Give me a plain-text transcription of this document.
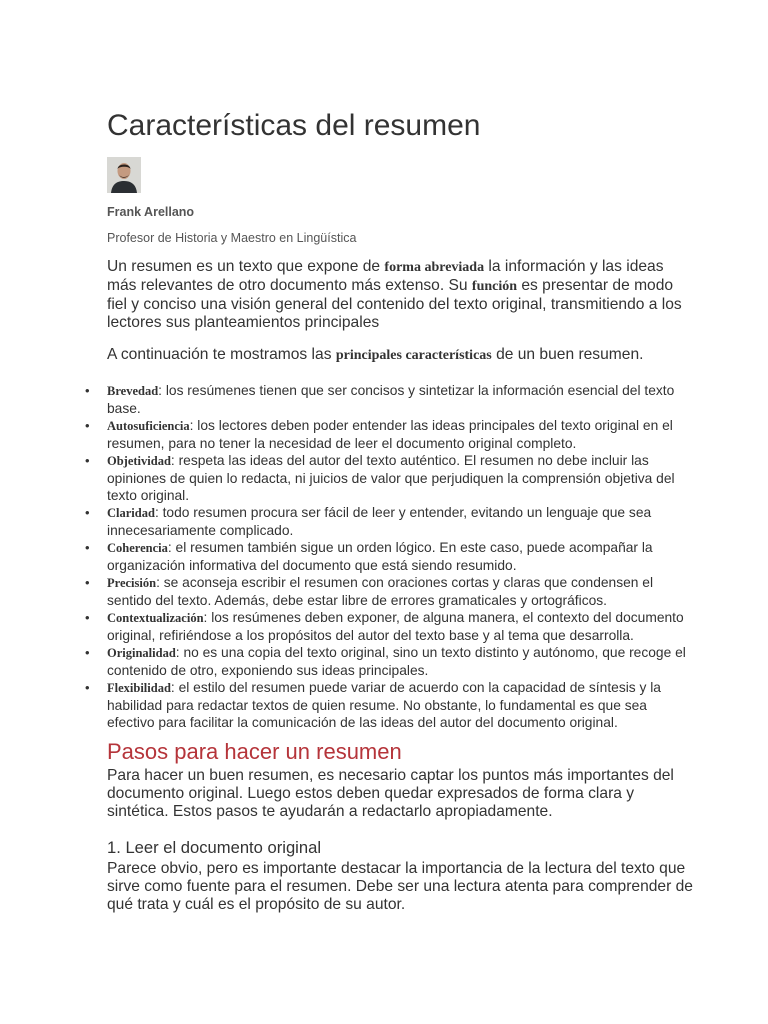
Características del resumen
Frank Arellano
Profesor de Historia y Maestro en Lingüística

Un resumen es un texto que expone de forma abreviada la información y las ideas más relevantes de otro documento más extenso. Su función es presentar de modo fiel y conciso una visión general del contenido del texto original, transmitiendo a los lectores sus planteamientos principales

A continuación te mostramos las principales características de un buen resumen.

• Brevedad: los resúmenes tienen que ser concisos y sintetizar la información esencial del texto base.
• Autosuficiencia: los lectores deben poder entender las ideas principales del texto original en el resumen, para no tener la necesidad de leer el documento original completo.
• Objetividad: respeta las ideas del autor del texto auténtico. El resumen no debe incluir las opiniones de quien lo redacta, ni juicios de valor que perjudiquen la comprensión objetiva del texto original.
• Claridad: todo resumen procura ser fácil de leer y entender, evitando un lenguaje que sea innecesariamente complicado.
• Coherencia: el resumen también sigue un orden lógico. En este caso, puede acompañar la organización informativa del documento que está siendo resumido.
• Precisión: se aconseja escribir el resumen con oraciones cortas y claras que condensen el sentido del texto. Además, debe estar libre de errores gramaticales y ortográficos.
• Contextualización: los resúmenes deben exponer, de alguna manera, el contexto del documento original, refiriéndose a los propósitos del autor del texto base y al tema que desarrolla.
• Originalidad: no es una copia del texto original, sino un texto distinto y autónomo, que recoge el contenido de otro, exponiendo sus ideas principales.
• Flexibilidad: el estilo del resumen puede variar de acuerdo con la capacidad de síntesis y la habilidad para redactar textos de quien resume. No obstante, lo fundamental es que sea efectivo para facilitar la comunicación de las ideas del autor del documento original.
Pasos para hacer un resumen

Para hacer un buen resumen, es necesario captar los puntos más importantes del documento original. Luego estos deben quedar expresados de forma clara y sintética. Estos pasos te ayudarán a redactarlo apropiadamente.

1. Leer el documento original

Parece obvio, pero es importante destacar la importancia de la lectura del texto que sirve como fuente para el resumen. Debe ser una lectura atenta para comprender de qué trata y cuál es el propósito de su autor.
